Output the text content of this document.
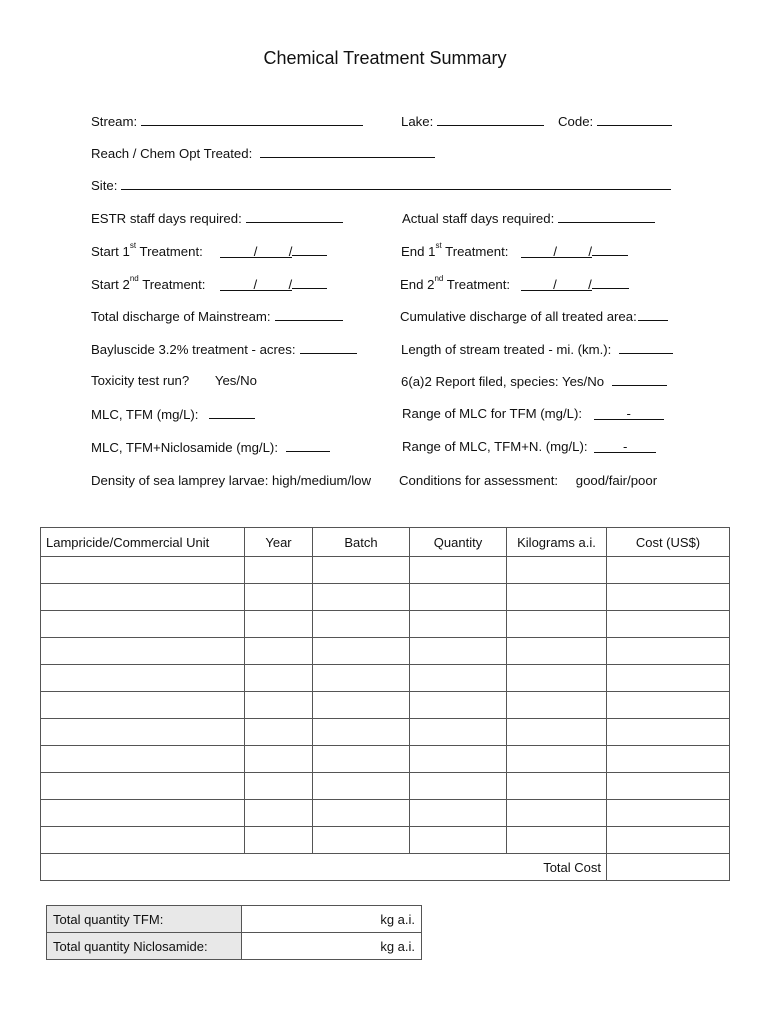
Chemical Treatment Summary
Stream:	Lake:	Code:
Reach / Chem Opt Treated:
Site:
ESTR staff days required:	Actual staff days required:
Start 1st Treatment:	/ /	End 1st Treatment:	/ /
Start 2nd Treatment:	/ /	End 2nd Treatment:	/ /
Total discharge of Mainstream:	Cumulative discharge of all treated area:
Bayluscide 3.2% treatment - acres:	Length of stream treated - mi. (km.):
Toxicity test run? Yes/No	6(a)2 Report filed, species: Yes/No
MLC, TFM (mg/L):	Range of MLC for TFM (mg/L):	-
MLC, TFM+Niclosamide (mg/L):	Range of MLC, TFM+N. (mg/L):	-
Density of sea lamprey larvae: high/medium/low Conditions for assessment: good/fair/poor
Lampricide/Commercial Unit	Year	Batch	Quantity	Kilograms a.i.	Cost (US$)

Total Cost					
Total quantity TFM:	kg a.i.
Total quantity Niclosamide:	kg a.i.
